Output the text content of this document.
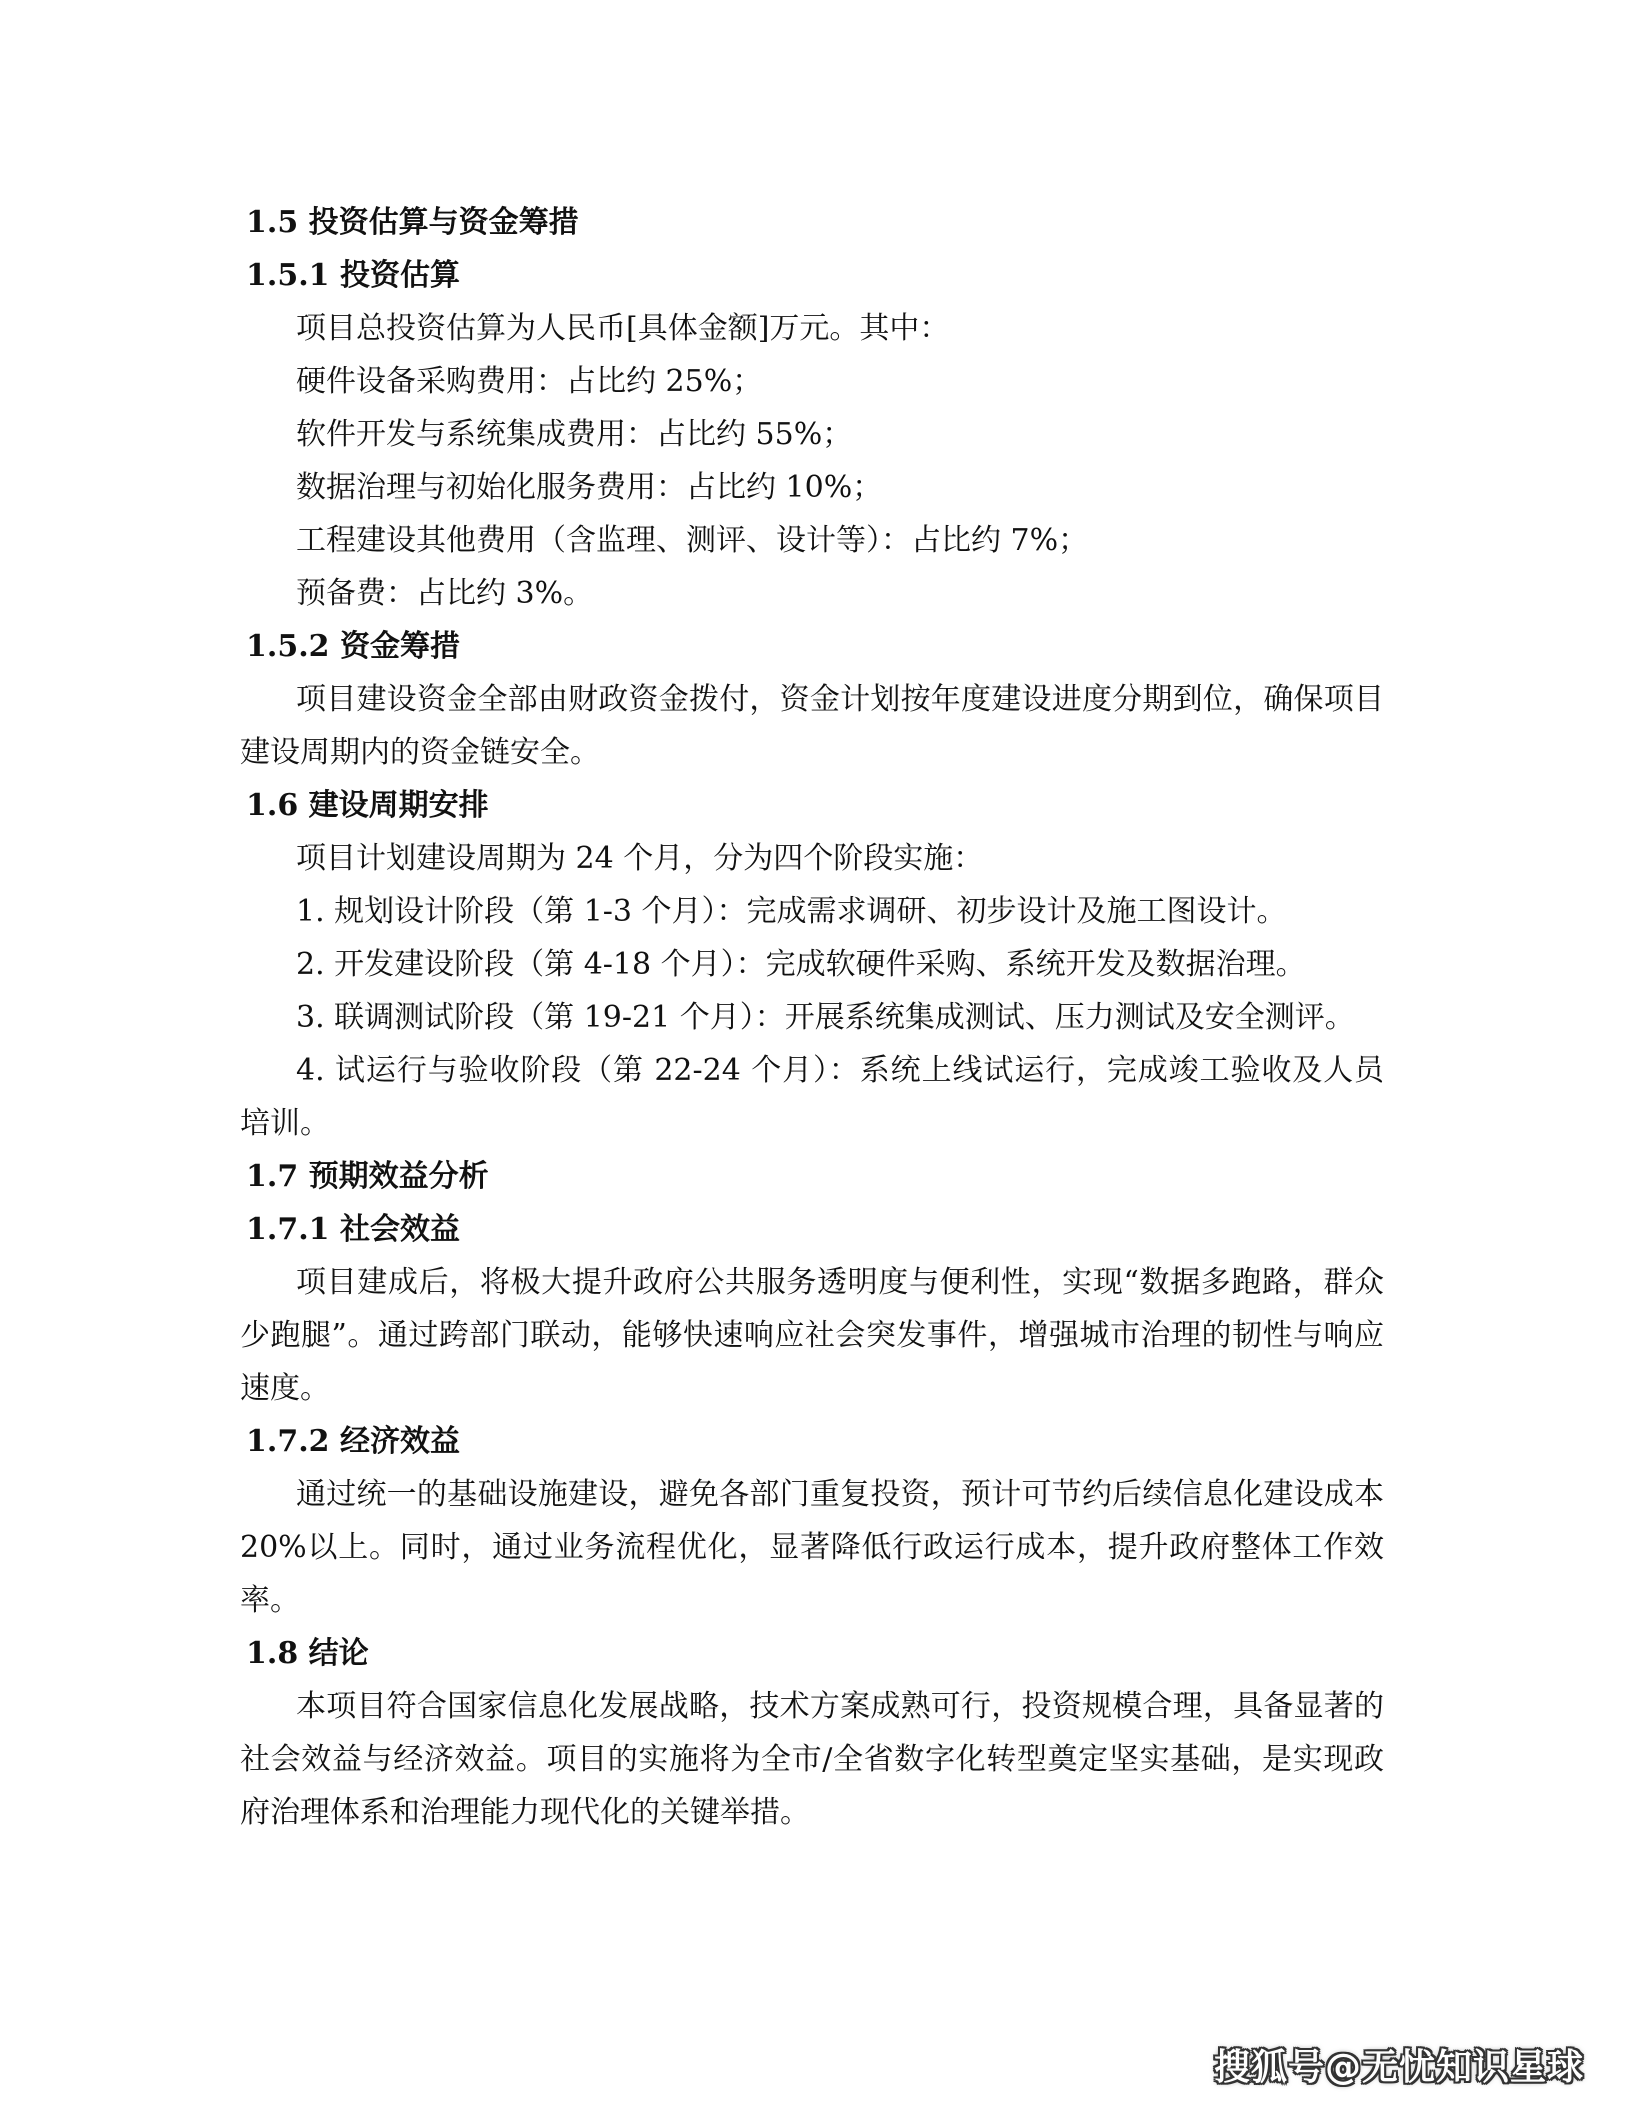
1.5 投资估算与资金筹措
1.5.1 投资估算
项目总投资估算为人民币[具体金额]万元。其中：
硬件设备采购费用：占比约 25%；
软件开发与系统集成费用：占比约 55%；
数据治理与初始化服务费用：占比约 10%；
工程建设其他费用（含监理、测评、设计等）：占比约 7%；
预备费：占比约 3%。
1.5.2 资金筹措

项目建设资金全部由财政资金拨付，资金计划按年度建设进度分期到位，确保项目建设周期内的资金链安全。

1.6 建设周期安排
项目计划建设周期为 24 个月，分为四个阶段实施：

1. 规划设计阶段（第 1-3 个月）：完成需求调研、初步设计及施工图设计。

2. 开发建设阶段（第 4-18 个月）：完成软硬件采购、系统开发及数据治理。

3. 联调测试阶段（第 19-21 个月）：开展系统集成测试、压力测试及安全测评。

4. 试运行与验收阶段（第 22-24 个月）：系统上线试运行，完成竣工验收及人员培训。

1.7 预期效益分析
1.7.1 社会效益

项目建成后，将极大提升政府公共服务透明度与便利性，实现“数据多跑路，群众少跑腿”。通过跨部门联动，能够快速响应社会突发事件，增强城市治理的韧性与响应速度。

1.7.2 经济效益

通过统一的基础设施建设，避免各部门重复投资，预计可节约后续信息化建设成本 20%以上。同时，通过业务流程优化，显著降低行政运行成本，提升政府整体工作效率。

1.8 结论

本项目符合国家信息化发展战略，技术方案成熟可行，投资规模合理，具备显著的社会效益与经济效益。项目的实施将为全市/全省数字化转型奠定坚实基础，是实现政府治理体系和治理能力现代化的关键举措。

搜狐号@无忧知识星球
